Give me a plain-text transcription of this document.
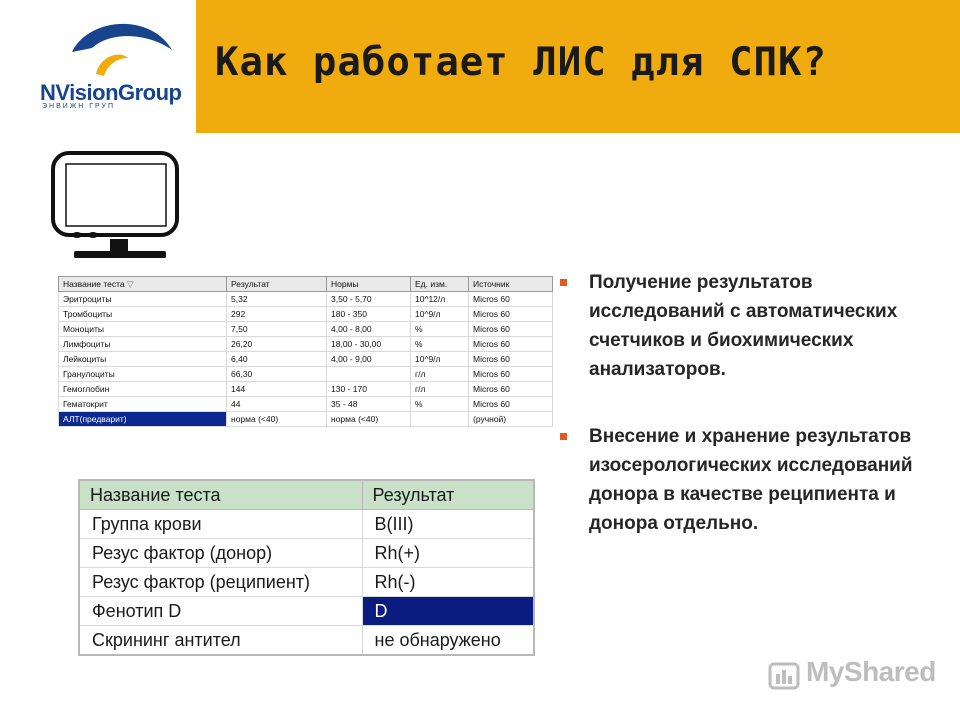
NVisionGroup
ЭНВИЖН ГРУП
Как работает ЛИС для СПК?
Название теста ▽	Результат	Нормы	Ед. изм.	Источник
Эритроциты	5,32	3,50 - 5,70	10^12/л	Micros 60
Тромбоциты	292	180 - 350	10^9/л	Micros 60
Моноциты	7,50	4,00 - 8,00	%	Micros 60
Лимфоциты	26,20	18,00 - 30,00	%	Micros 60
Лейкоциты	6,40	4,00 - 9,00	10^9/л	Micros 60
Гранулоциты	66,30		г/л	Micros 60
Гемоглобин	144	130 - 170	г/л	Micros 60
Гематокрит	44	35 - 48	%	Micros 60
АЛТ(предварит)	норма (<40)	норма (<40)		(ручной)
Название теста	Результат
Группа крови	B(III)
Резус фактор (донор)	Rh(+)
Резус фактор (реципиент)	Rh(-)
Фенотип D	D
Скрининг антител	не обнаружено
Получение результатов исследований с автоматических счетчиков и биохимических анализаторов.
Внесение и хранение результатов изосерологических исследований донора в качестве реципиента и донора отдельно.
MyShared
